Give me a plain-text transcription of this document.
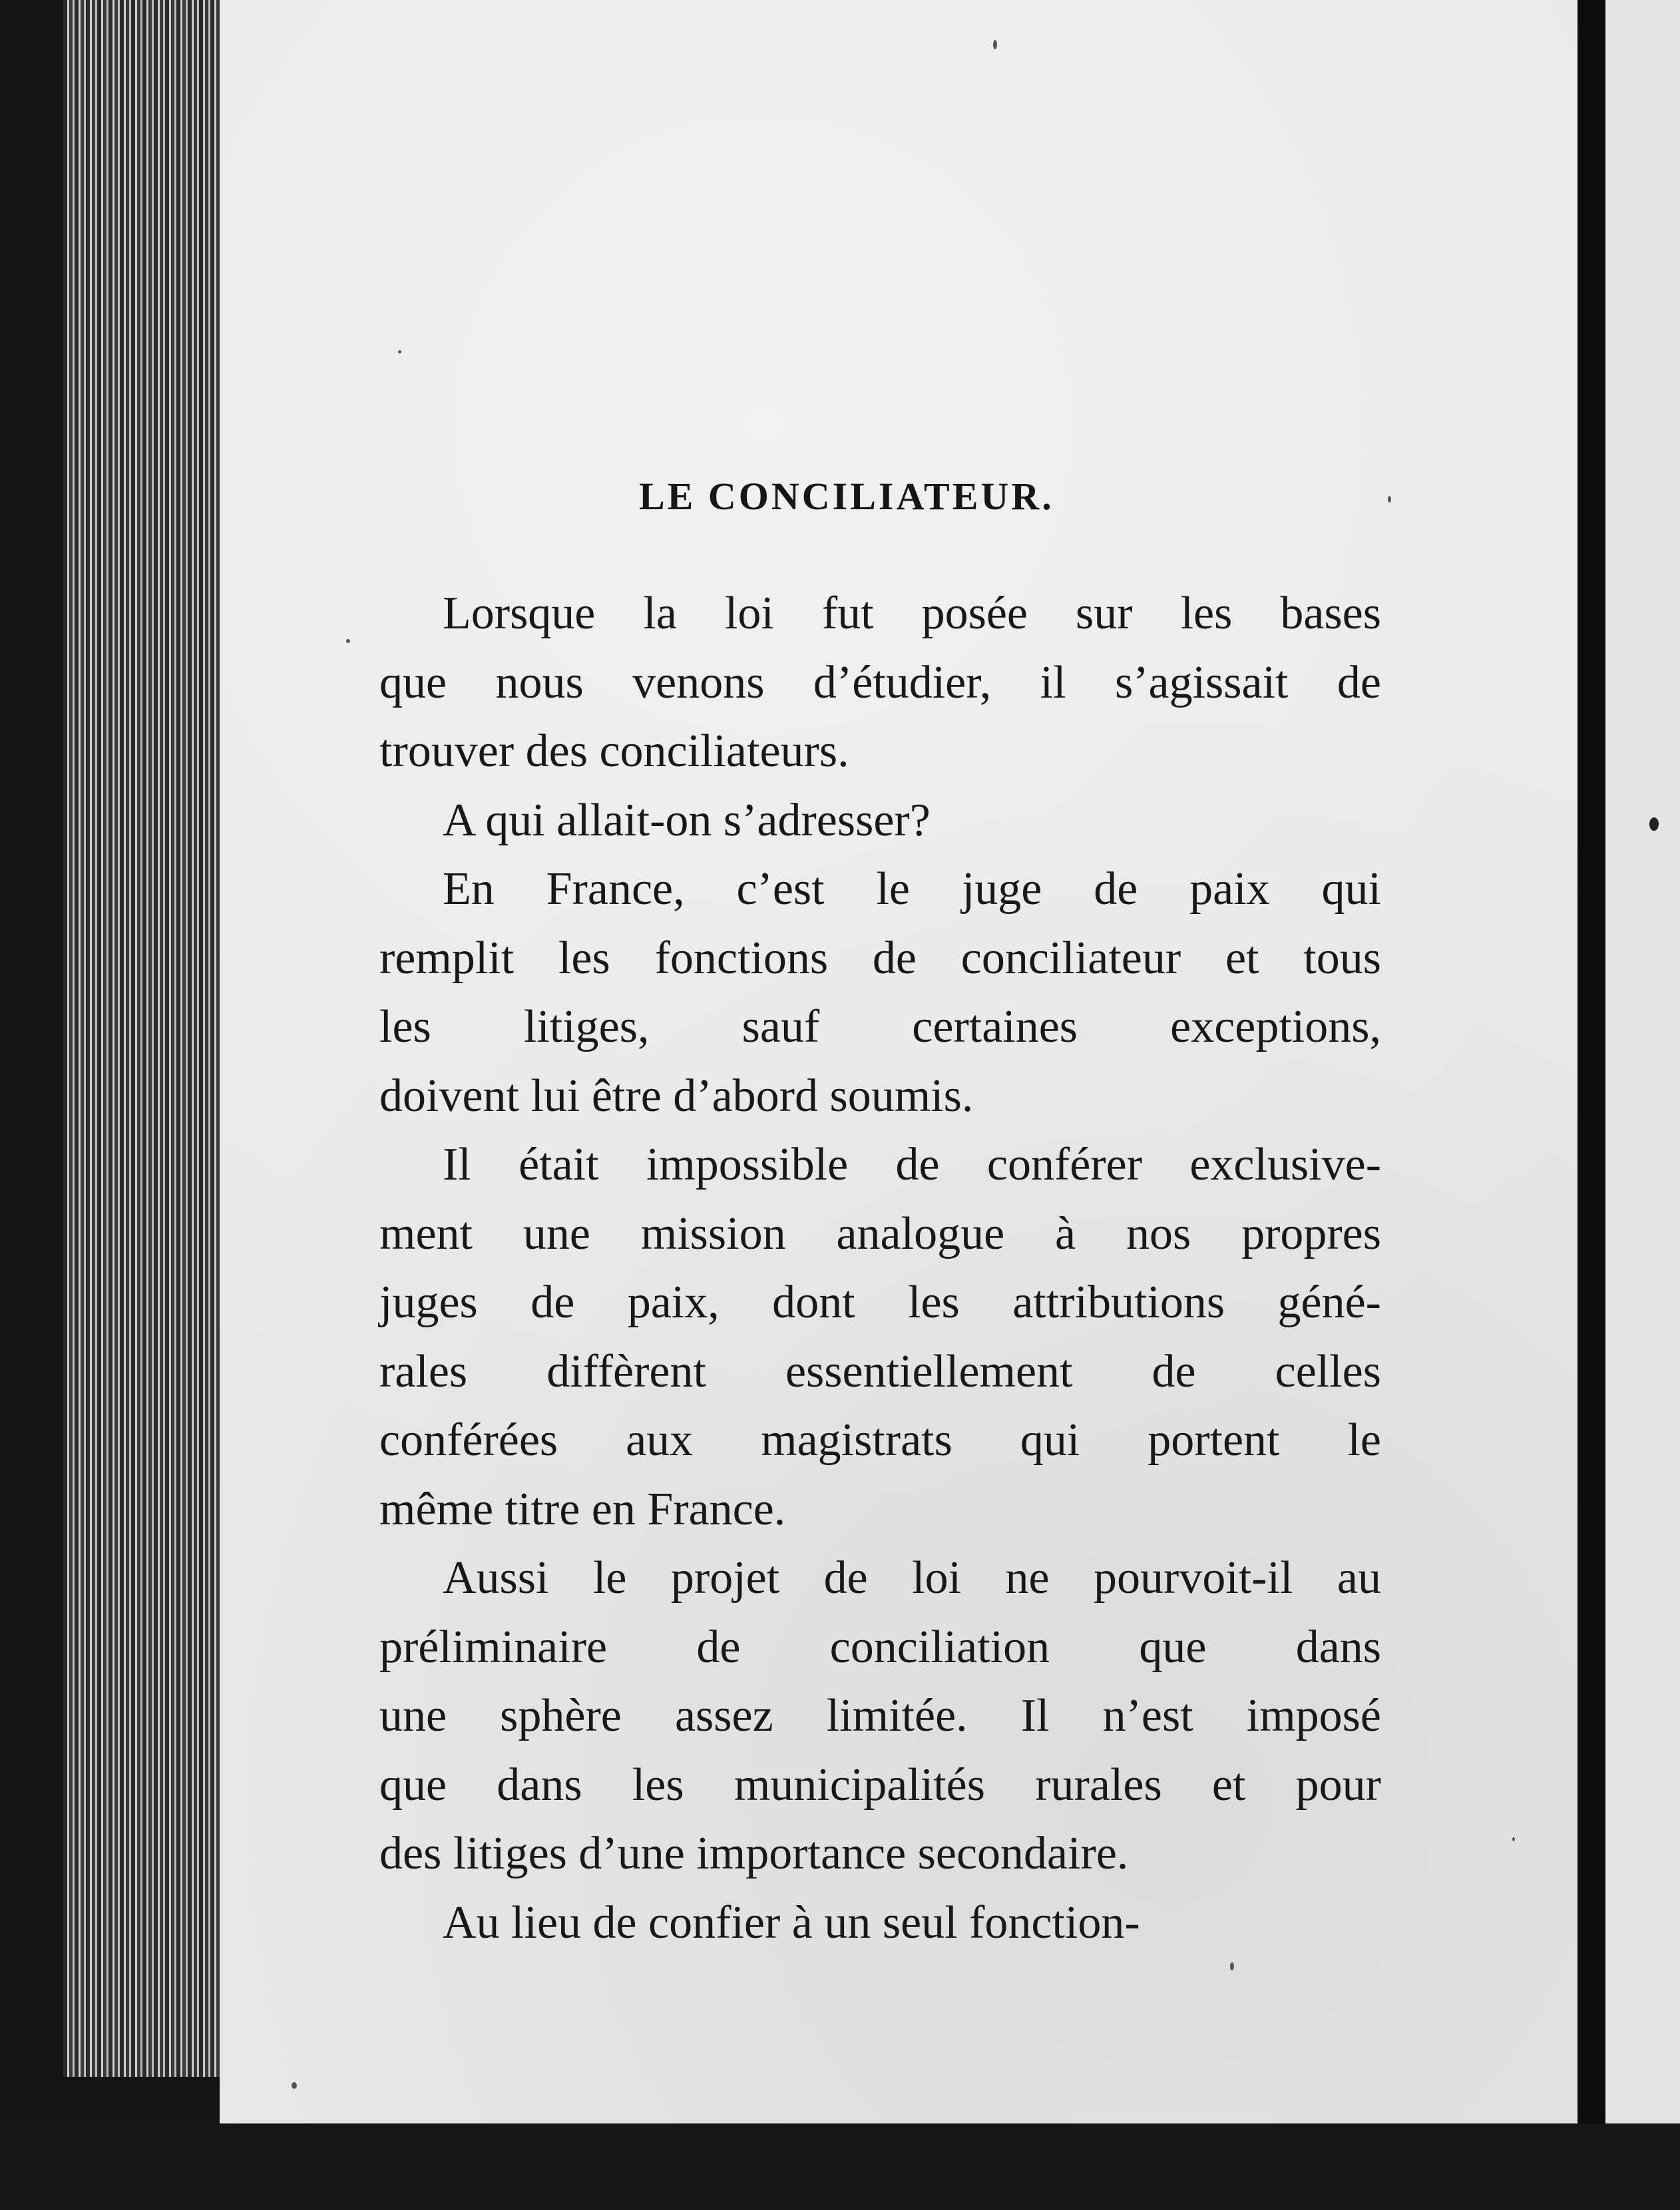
LE CONCILIATEUR.
Lorsque la loi fut posée sur les bases
que nous venons d’étudier, il s’agissait de
trouver des conciliateurs.
A qui allait-on s’adresser?
En France, c’est le juge de paix qui
remplit les fonctions de conciliateur et tous
les litiges, sauf certaines exceptions,
doivent lui être d’abord soumis.
Il était impossible de conférer exclusive-
ment une mission analogue à nos propres
juges de paix, dont les attributions géné-
rales diffèrent essentiellement de celles
conférées aux magistrats qui portent le
même titre en France.
Aussi le projet de loi ne pourvoit-il au
préliminaire de conciliation que dans
une sphère assez limitée. Il n’est imposé
que dans les municipalités rurales et pour
des litiges d’une importance secondaire.
Au lieu de confier à un seul fonction-
